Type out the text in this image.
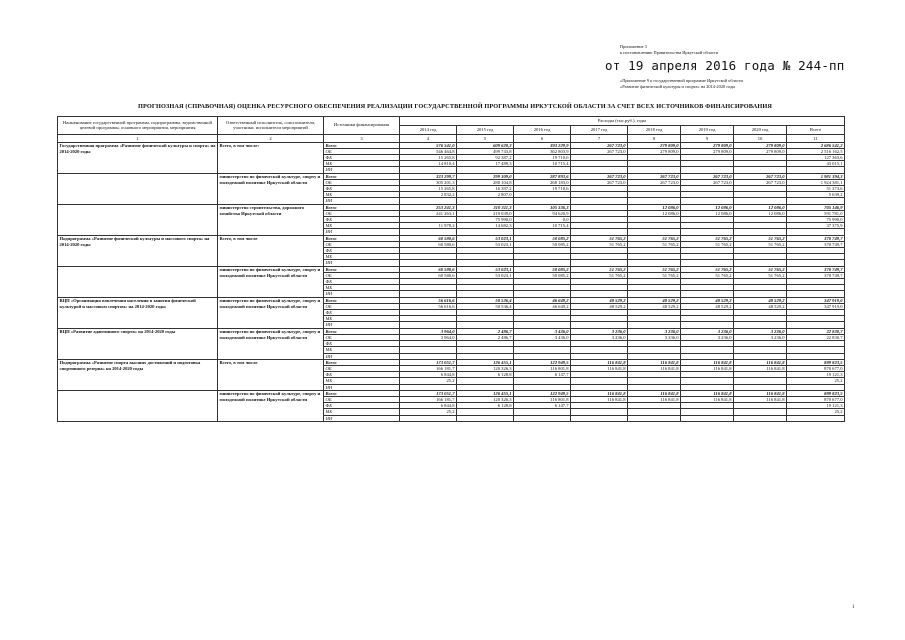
Приложение 3
к постановлению Правительства Иркутской области
от 19 апреля 2016 года № 244-пп
«Приложение 9 к государственной программе Иркутской области
«Развитие физической культуры и спорта» на 2014-2020 годы
ПРОГНОЗНАЯ (СПРАВОЧНАЯ) ОЦЕНКА РЕСУРСНОГО ОБЕСПЕЧЕНИЯ РЕАЛИЗАЦИИ ГОСУДАРСТВЕННОЙ ПРОГРАММЫ ИРКУТСКОЙ ОБЛАСТИ ЗА СЧЕТ ВСЕХ ИСТОЧНИКОВ ФИНАНСИРОВАНИЯ
Наименование государственной программы, подпрограммы, ведомственной целевой программы, основного мероприятия, мероприятия	Ответственный исполнитель, соисполнители, участники, исполнители мероприятий	Источники финансирования	Расходы (тыс.руб.), годы							
			2014 год	2015 год	2016 год	2017 год	2018 год	2019 год	2020 год	Всего
1	2	3	4	5	6	7	8	9	10	11
Государственная программа «Развитие физической культуры и спорта» на 2014-2020 годы	Всего, в том числе:	Всего	576 541,0	609 620,3	393 229,9	267 723,0	279 809,0	279 809,0	279 809,0	2 686 541,2
		ОБ	546 464,8	499 743,8	362 803,9	267 723,0	279 809,0	279 809,0	279 809,0	2 516 162,5
		ФБ	15 265,8	92 387,2	19 710,6					127 363,6
		МБ	14 810,4	17 489,3	10 715,4					43 015,1
		ИИ								
	министерство по физической культуре, спорту и молодежной политике Иркутской области	Всего	323 299,7	299 309,0	287 893,6	267 723,0	267 723,0	267 723,0	267 723,0	1 981 394,3
		ОБ	305 201,3	280 104,8	268 183,0	267 723,0	267 723,0	267 723,0	267 723,0	1 924 381,1
		ФБ	15 265,8	16 397,2	19 710,6					51 373,6
		МБ	2 832,2	2 807,0						5 639,2
		ИИ								
	министерство строительства, дорожного хозяйства Иркутской области	Всего	253 241,3	310 311,3	105 336,3		12 086,0	12 086,0	12 086,0	705 146,9
		ОБ	241 263,1	219 639,0	94 620,9		12 086,0	12 086,0	12 086,0	591 781,0
		ФБ		75 990,0	0,0					75 990,0
		МБ	11 978,2	14 682,3	10 715,4					37 375,9
		ИИ								
Подпрограмма «Развитие физической культуры и массового спорта» на 2014-2020 годы	Всего, в том числе	Всего	60 580,6	53 023,1	50 085,2	51 765,2	51 765,2	51 765,2	51 765,2	370 749,7
		ОБ	60 580,6	53 023,1	50 085,2	51 765,2	51 765,2	51 765,2	51 765,2	370 749,7
		ФБ								
		МБ								
		ИИ								
	министерство по физической культуре, спорту и молодежной политике Иркутской области	Всего	60 580,6	53 023,1	50 085,2	51 765,2	51 765,2	51 765,2	51 765,2	370 749,7
		ОБ	60 580,6	53 023,1	50 085,2	51 765,2	51 765,2	51 765,2	51 765,2	370 749,7
		ФБ								
		МБ								
		ИИ								
ВЦП «Организация вовлечения населения в занятия физической культурой и массовым спортом» на 2014-2020 годы	министерство по физической культуре, спорту и молодежной политике Иркутской области	Всего	56 616,6	50 536,4	46 649,2	48 529,2	48 529,2	48 529,2	48 529,2	347 919,0
		ОБ	56 616,6	50 536,4	46 649,2	48 529,2	48 529,2	48 529,2	48 529,2	347 919,0
		ФБ								
		МБ								
		ИИ								
ВЦП «Развитие адаптивного спорта» на 2014-2020 годы	министерство по физической культуре, спорту и молодежной политике Иркутской области	Всего	3 964,0	2 486,7	3 436,0	3 236,0	3 236,0	3 236,0	3 236,0	22 830,7
		ОБ	3 964,0	2 486,7	3 436,0	3 236,0	3 236,0	3 236,0	3 236,0	22 830,7
		ФБ								
		МБ								
		ИИ								
Подпрограмма «Развитие спорта высших достижений и подготовка спортивного резерва» на 2014-2020 годы	Всего, в том числе	Всего	173 051,7	126 455,1	122 949,5	116 841,8	116 841,8	116 841,8	116 841,8	889 823,5
		ОБ	166 181,7	120 326,3	116 801,8	116 841,8	116 841,8	116 841,8	116 841,8	870 677,0
		ФБ	6 844,8	6 128,8	6 147,7					19 121,3
		МБ	25,2							25,2
		ИИ								
	министерство по физической культуре, спорту и молодежной политике Иркутской области	Всего	173 051,7	126 455,1	122 949,5	116 841,8	116 841,8	116 841,8	116 841,8	889 823,5
		ОБ	166 181,7	120 326,3	116 801,8	116 841,8	116 841,8	116 841,8	116 841,8	870 677,0
		ФБ	6 844,8	6 128,8	6 147,7					19 121,3
		МБ	25,2							25,2
		ИИ								
1
